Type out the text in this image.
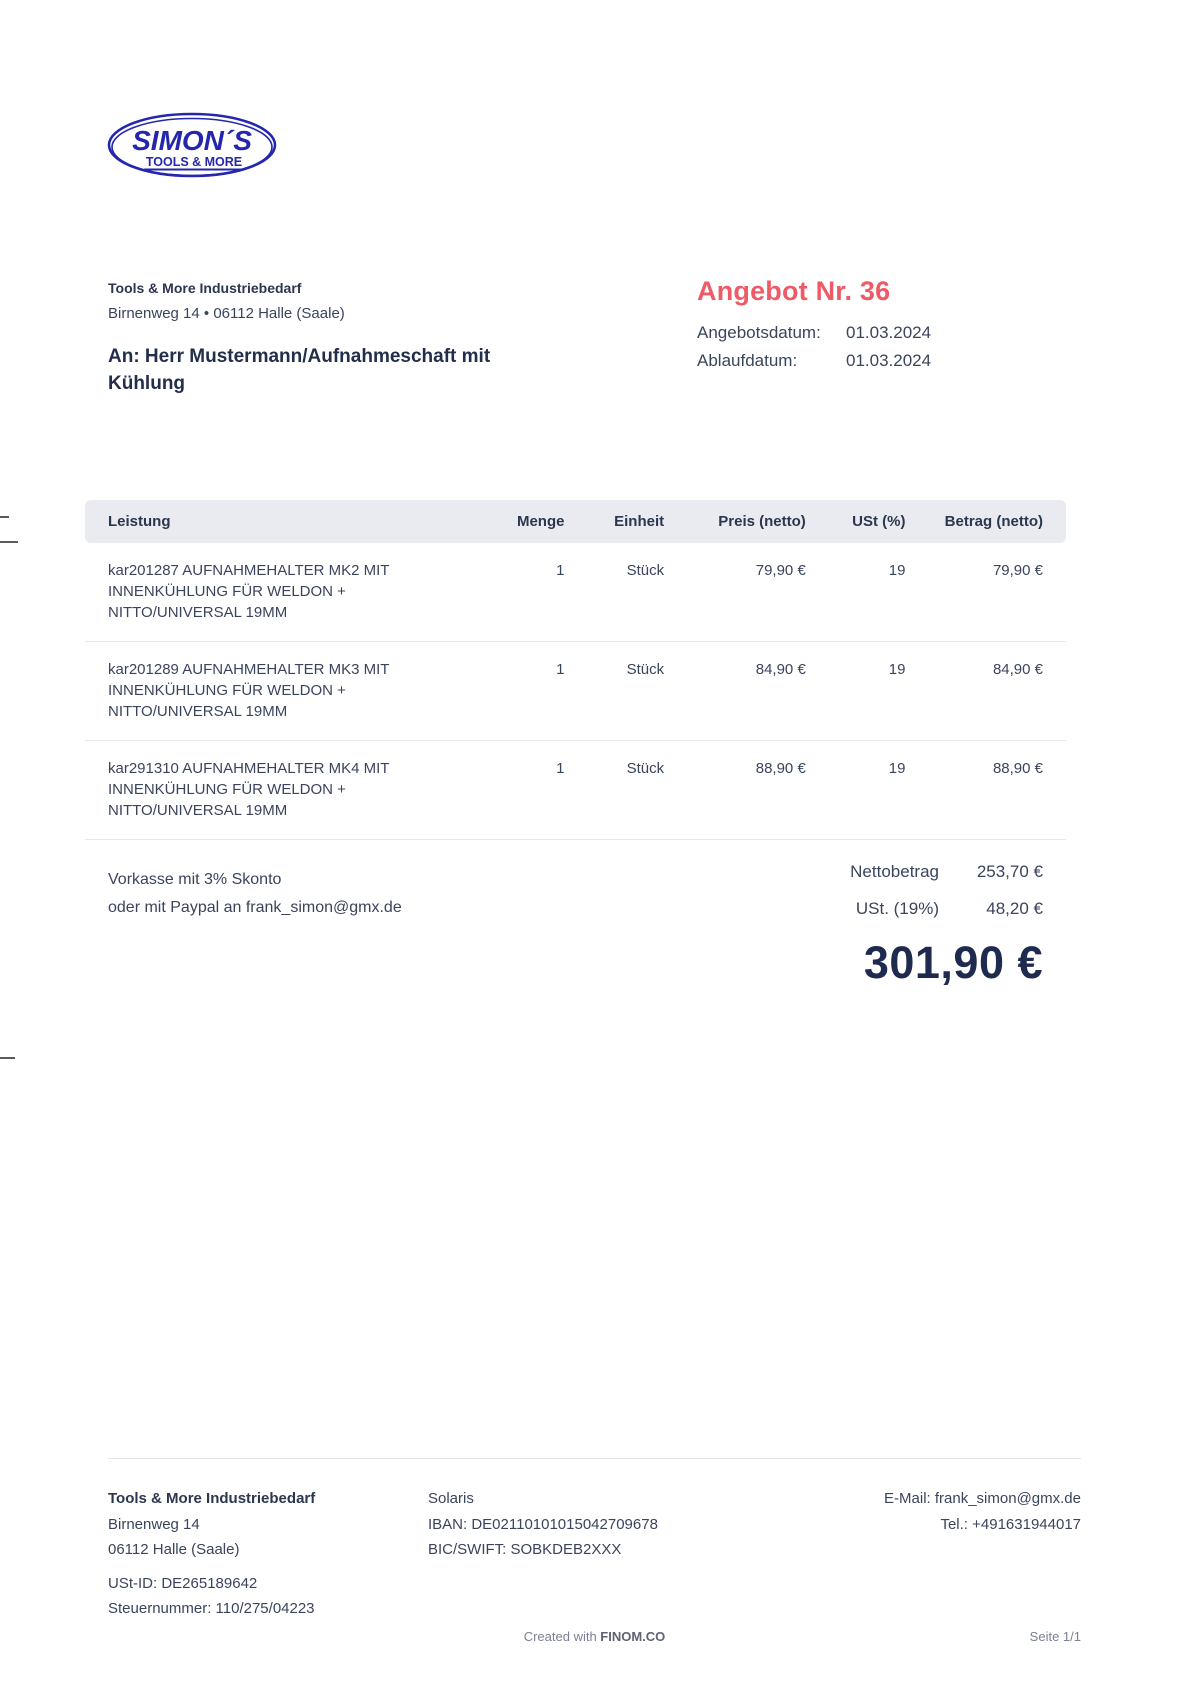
SIMON´S
TOOLS & MORE
Tools & More Industriebedarf
Birnenweg 14 • 06112 Halle (Saale)
An: Herr Mustermann/Aufnahmeschaft mit Kühlung
Angebot Nr. 36
Angebotsdatum:	01.03.2024
Ablaufdatum:	01.03.2024
Leistung	Menge	Einheit	Preis (netto)	USt (%)	Betrag (netto)

kar201287 AUFNAHMEHALTER MK2 MIT INNENKÜHLUNG FÜR WELDON + NITTO/UNIVERSAL 19MM	1	Stück	79,90 €	19	79,90 €

kar201289 AUFNAHMEHALTER MK3 MIT INNENKÜHLUNG FÜR WELDON + NITTO/UNIVERSAL 19MM	1	Stück	84,90 €	19	84,90 €

kar291310 AUFNAHMEHALTER MK4 MIT INNENKÜHLUNG FÜR WELDON + NITTO/UNIVERSAL 19MM	1	Stück	88,90 €	19	88,90 €
Vorkasse mit 3% Skonto
oder mit Paypal an frank_simon@gmx.de
Nettobetrag	253,70 €
USt. (19%)	48,20 €
301,90 €
Tools & More Industriebedarf
Birnenweg 14
06112 Halle (Saale)
USt-ID: DE265189642
Steuernummer: 110/275/04223
Solaris
IBAN: DE02110101015042709678
BIC/SWIFT: SOBKDEB2XXX
E-Mail: frank_simon@gmx.de
Tel.: +491631944017
Created with FINOM.CO	Seite 1/1
